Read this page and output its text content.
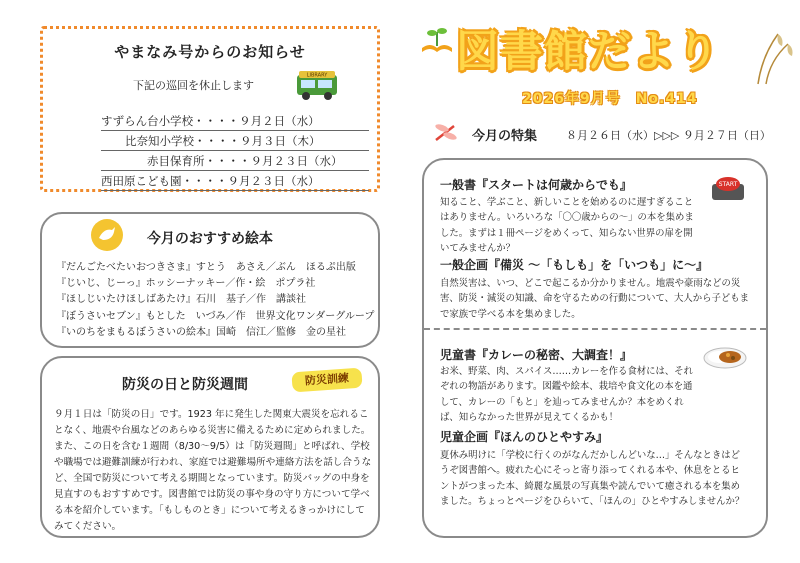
やまなみ号からのお知らせ
下記の巡回を休止します
LIBRARY
すずらん台小学校・・・・９月２日（水）
比奈知小学校・・・・９月３日（木）
赤目保育所・・・・９月２３日（水）
西田原こども園・・・・９月２３日（水）
今月のおすすめ絵本
『だんごたべたいおつきさま』すとう　あさえ／ぶん　ほるぷ出版
『じいじ、じーっ』ホッシーナッキー／作・絵　ポプラ社
『ほしじいたけほしばあたけ』石川　基子／作　講談社
『ぼうさいセブン』もとした　いづみ／作　世界文化ワンダーグループ
『いのちをまもるぼうさいの絵本』国崎　信江／監修　金の星社
防災の日と防災週間	防災訓練
９月１日は「防災の日」です。1923 年に発生した関東大震災を忘れることなく、地震や台風などのあらゆる災害に備えるために定められました。また、この日を含む１週間（8/30〜9/5）は「防災週間」と呼ばれ、学校や職場では避難訓練が行われ、家庭では避難場所や連絡方法を話し合うなど、全国で防災について考える期間となっています。防災バッグの中身を見直すのもおすすめです。図書館では防災の事や身の守り方について学べる本を紹介しています。「もしものとき」について考えるきっかけにしてみてください。
図書館だより
2026年9月号　No.414
今月の特集	８月２６日（水）▷▷▷ ９月２７日（日）
START
一般書『スタートは何歳からでも』
知ること、学ぶこと、新しいことを始めるのに遅すぎることはありません。いろいろな「〇〇歳からの〜」の本を集めました。まずは１冊ページをめくって、知らない世界の扉を開いてみませんか？
一般企画『備災 〜「もしも」を「いつも」に〜』
自然災害は、いつ、どこで起こるか分かりません。地震や豪雨などの災害、防災・減災の知識、命を守るための行動について、大人から子どもまで家族で学べる本を集めました。
児童書『カレーの秘密、大調査！』
お米、野菜、肉、スパイス……カレーを作る食材には、それぞれの物語があります。図鑑や絵本、栽培や食文化の本を通して、カレーの「もと」を辿ってみませんか？本をめくれば、知らなかった世界が見えてくるかも！
児童企画『ほんのひとやすみ』
夏休み明けに「学校に行くのがなんだかしんどいな…」そんなときはどうぞ図書館へ。疲れた心にそっと寄り添ってくれる本や、休息をとるヒントがつまった本、綺麗な風景の写真集や読んでいて癒される本を集めました。ちょっとページをひらいて、「ほんの」ひとやすみしませんか？
